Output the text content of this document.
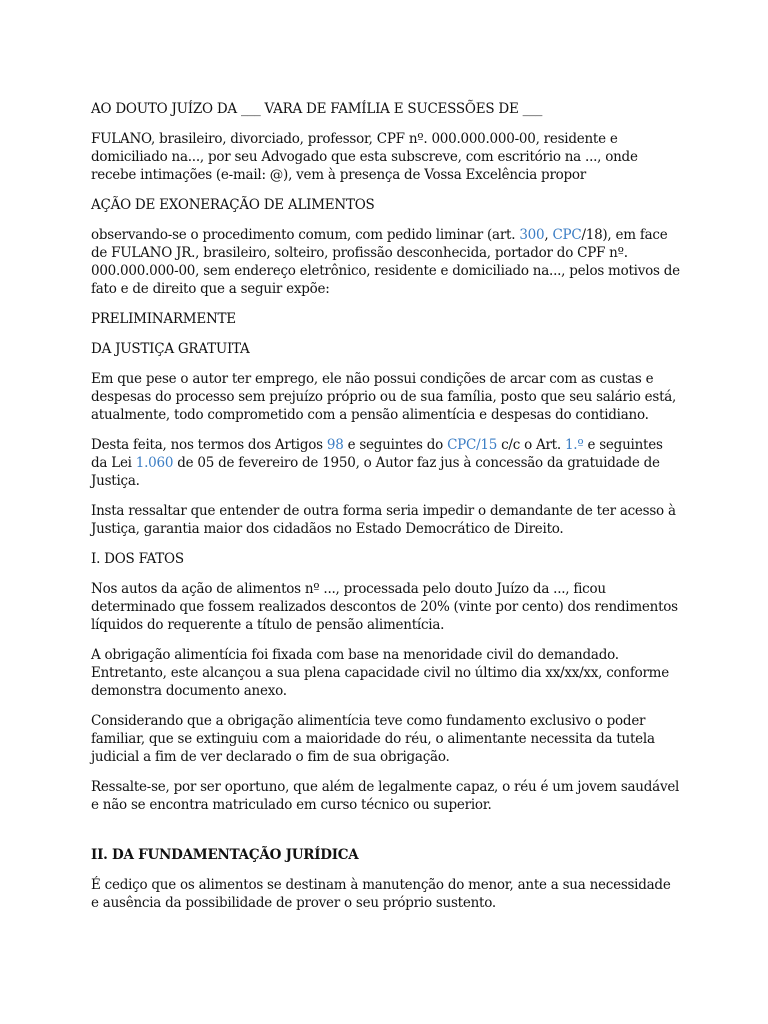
AO DOUTO JUÍZO DA ___ VARA DE FAMÍLIA E SUCESSÕES DE ___

FULANO, brasileiro, divorciado, professor, CPF nº. 000.000.000-00, residente e domiciliado na..., por seu Advogado que esta subscreve, com escritório na ..., onde recebe intimações (e-mail: @), vem à presença de Vossa Excelência propor

AÇÃO DE EXONERAÇÃO DE ALIMENTOS

observando-se o procedimento comum, com pedido liminar (art. 300, CPC/18), em face de FULANO JR., brasileiro, solteiro, profissão desconhecida, portador do CPF nº. 000.000.000-00, sem endereço eletrônico, residente e domiciliado na..., pelos motivos de fato e de direito que a seguir expõe:

PRELIMINARMENTE

DA JUSTIÇA GRATUITA

Em que pese o autor ter emprego, ele não possui condições de arcar com as custas e despesas do processo sem prejuízo próprio ou de sua família, posto que seu salário está, atualmente, todo comprometido com a pensão alimentícia e despesas do contidiano.

Desta feita, nos termos dos Artigos 98 e seguintes do CPC/15 c/c o Art. 1.º e seguintes da Lei 1.060 de 05 de fevereiro de 1950, o Autor faz jus à concessão da gratuidade de Justiça.

Insta ressaltar que entender de outra forma seria impedir o demandante de ter acesso à Justiça, garantia maior dos cidadãos no Estado Democrático de Direito.

I. DOS FATOS

Nos autos da ação de alimentos nº ..., processada pelo douto Juízo da ..., ficou determinado que fossem realizados descontos de 20% (vinte por cento) dos rendimentos líquidos do requerente a título de pensão alimentícia.

A obrigação alimentícia foi fixada com base na menoridade civil do demandado. Entretanto, este alcançou a sua plena capacidade civil no último dia xx/xx/xx, conforme demonstra documento anexo.

Considerando que a obrigação alimentícia teve como fundamento exclusivo o poder familiar, que se extinguiu com a maioridade do réu, o alimentante necessita da tutela judicial a fim de ver declarado o fim de sua obrigação.

Ressalte-se, por ser oportuno, que além de legalmente capaz, o réu é um jovem saudável e não se encontra matriculado em curso técnico ou superior.

II. DA FUNDAMENTAÇÃO JURÍDICA

É cediço que os alimentos se destinam à manutenção do menor, ante a sua necessidade e ausência da possibilidade de prover o seu próprio sustento.
